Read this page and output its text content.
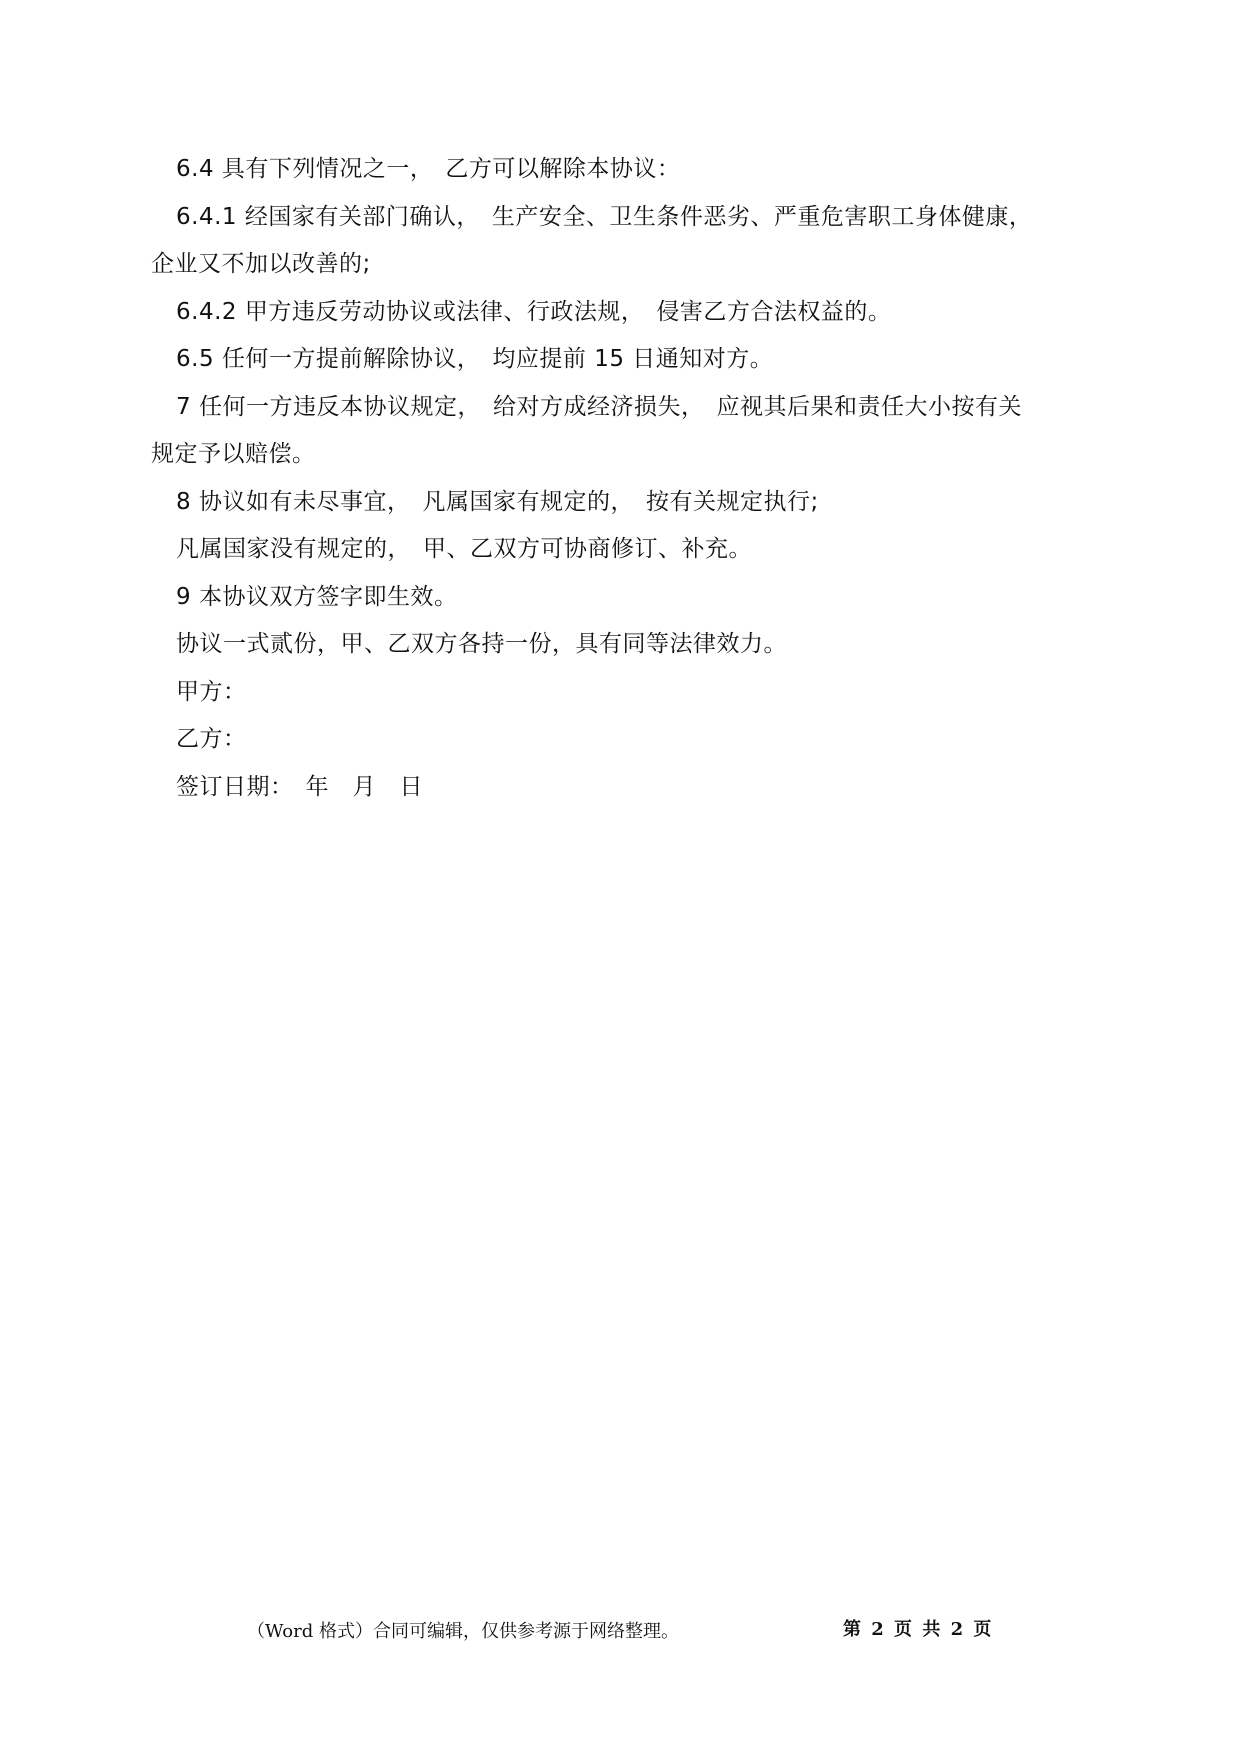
6.4 具有下列情况之一，　乙方可以解除本协议：
6.4.1 经国家有关部门确认，　生产安全、卫生条件恶劣、严重危害职工身体健康，
企业又不加以改善的;
6.4.2 甲方违反劳动协议或法律、行政法规，　侵害乙方合法权益的。
6.5 任何一方提前解除协议，　均应提前 15 日通知对方。
7 任何一方违反本协议规定，　给对方成经济损失，　应视其后果和责任大小按有关
规定予以赔偿。
8 协议如有未尽事宜，　凡属国家有规定的，　按有关规定执行;
凡属国家没有规定的，　甲、乙双方可协商修订、补充。
9 本协议双方签字即生效。
协议一式贰份，甲、乙双方各持一份，具有同等法律效力。
甲方：
乙方：
签订日期：　年　月　日
（Word 格式）合同可编辑，仅供参考源于网络整理。	第 2 页 共 2 页
